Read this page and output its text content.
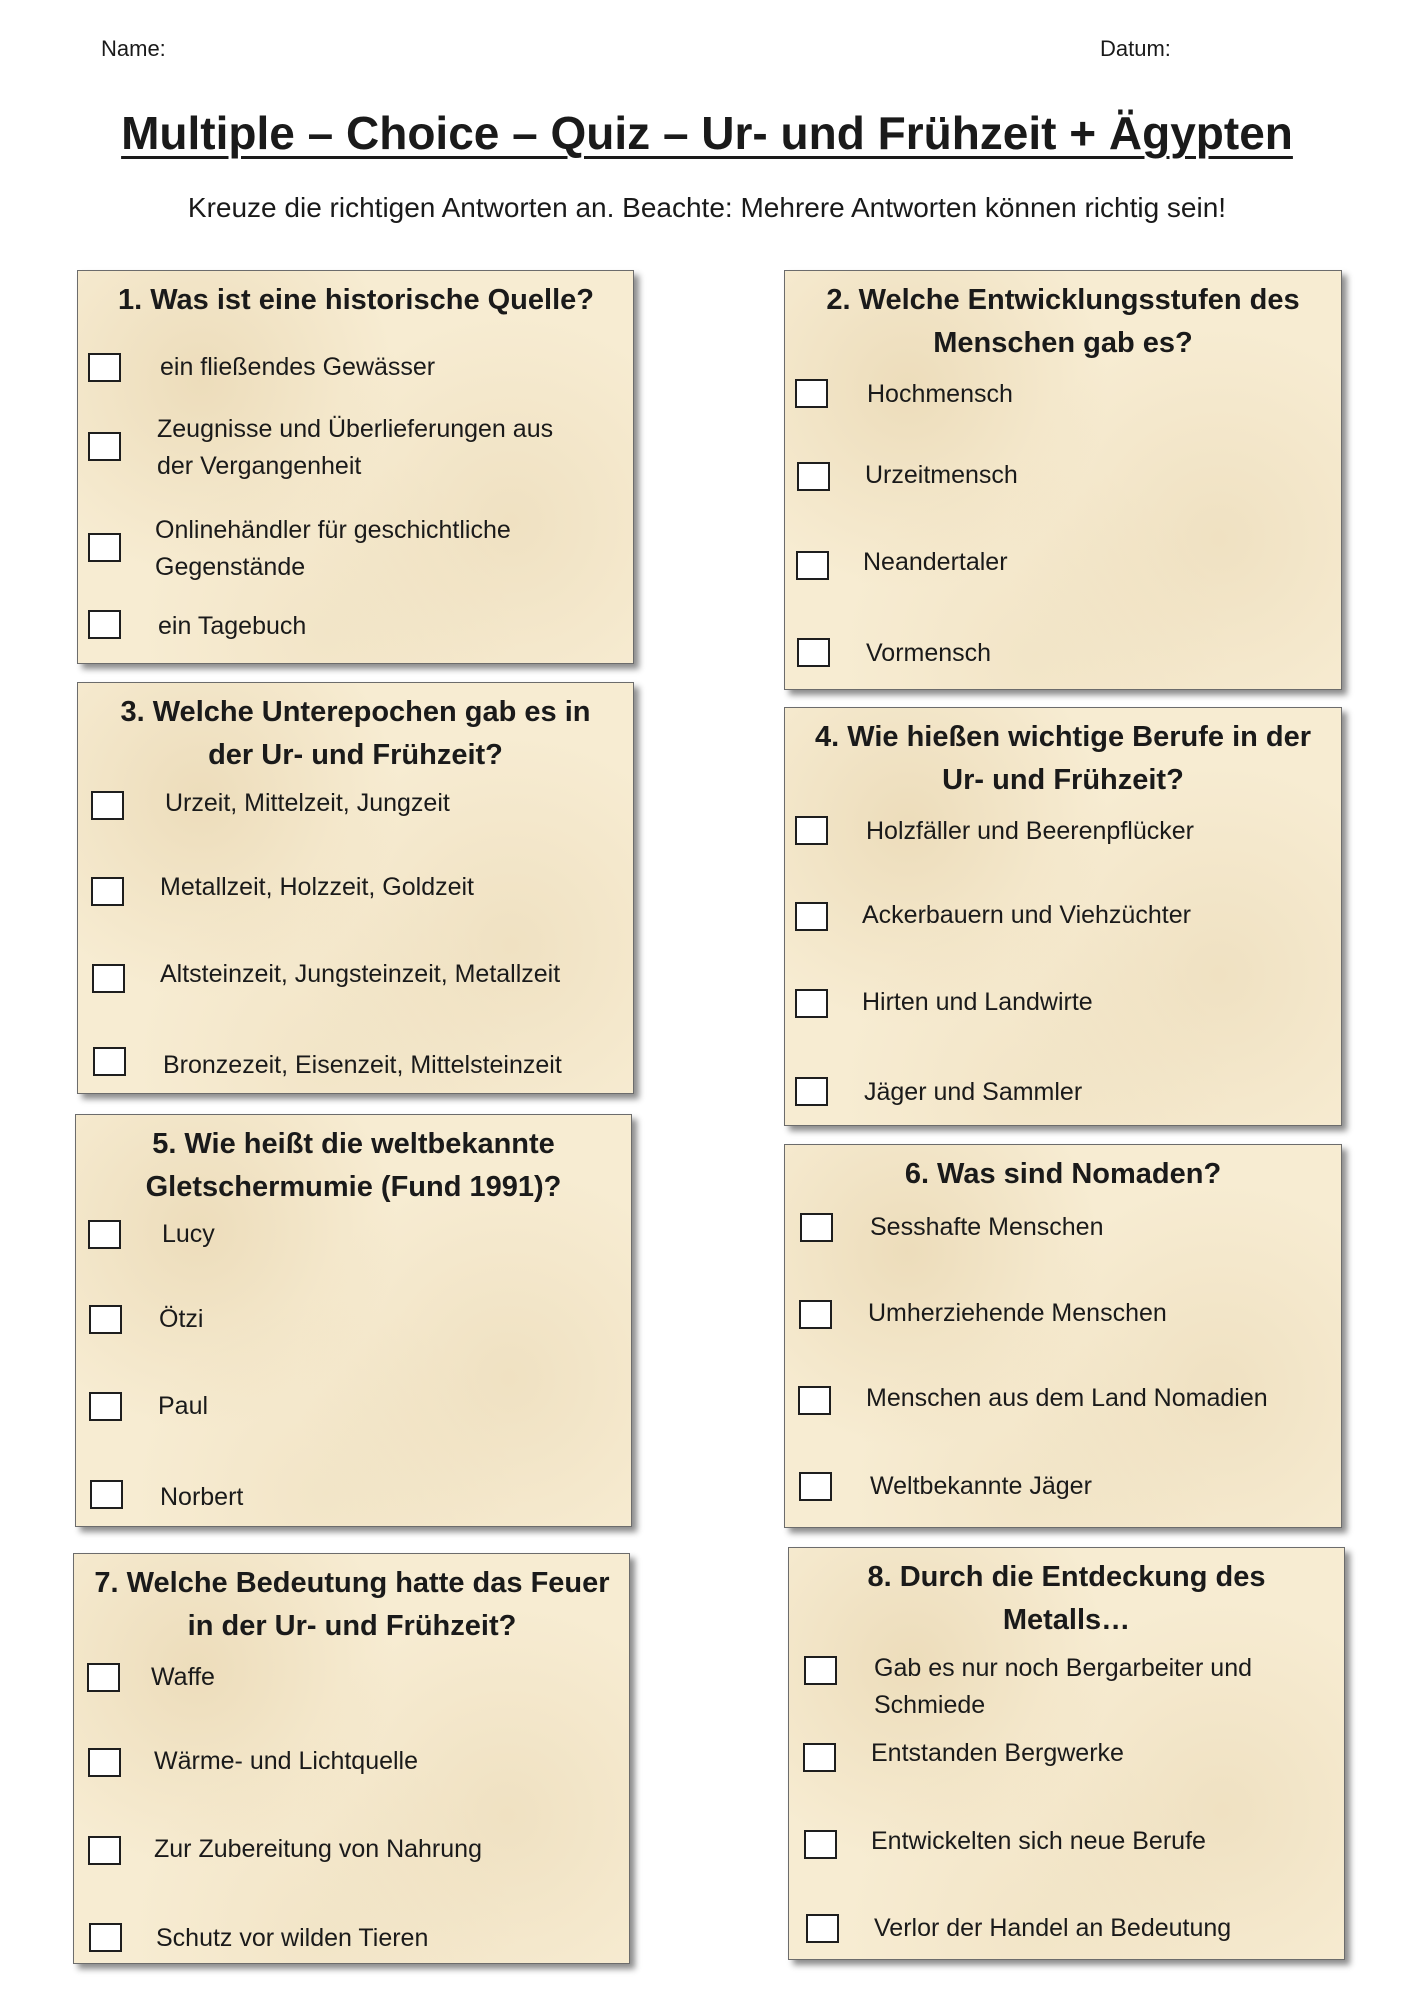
Name:	Datum:
Multiple – Choice – Quiz – Ur- und Frühzeit + Ägypten
Kreuze die richtigen Antworten an. Beachte: Mehrere Antworten können richtig sein!
1. Was ist eine historische Quelle?
ein fließendes Gewässer
Zeugnisse und Überlieferungen aus der Vergangenheit
Onlinehändler für geschichtliche Gegenstände
ein Tagebuch
2. Welche Entwicklungsstufen des Menschen gab es?
Hochmensch
Urzeitmensch
Neandertaler
Vormensch
3. Welche Unterepochen gab es in der Ur- und Frühzeit?
Urzeit, Mittelzeit, Jungzeit
Metallzeit, Holzzeit, Goldzeit
Altsteinzeit, Jungsteinzeit, Metallzeit
Bronzezeit, Eisenzeit, Mittelsteinzeit
4. Wie hießen wichtige Berufe in der Ur- und Frühzeit?
Holzfäller und Beerenpflücker
Ackerbauern und Viehzüchter
Hirten und Landwirte
Jäger und Sammler
5. Wie heißt die weltbekannte Gletschermumie (Fund 1991)?
Lucy
Ötzi
Paul
Norbert
6. Was sind Nomaden?
Sesshafte Menschen
Umherziehende Menschen
Menschen aus dem Land Nomadien
Weltbekannte Jäger
7. Welche Bedeutung hatte das Feuer in der Ur- und Frühzeit?
Waffe
Wärme- und Lichtquelle
Zur Zubereitung von Nahrung
Schutz vor wilden Tieren
8. Durch die Entdeckung des Metalls…
Gab es nur noch Bergarbeiter und Schmiede
Entstanden Bergwerke
Entwickelten sich neue Berufe
Verlor der Handel an Bedeutung
